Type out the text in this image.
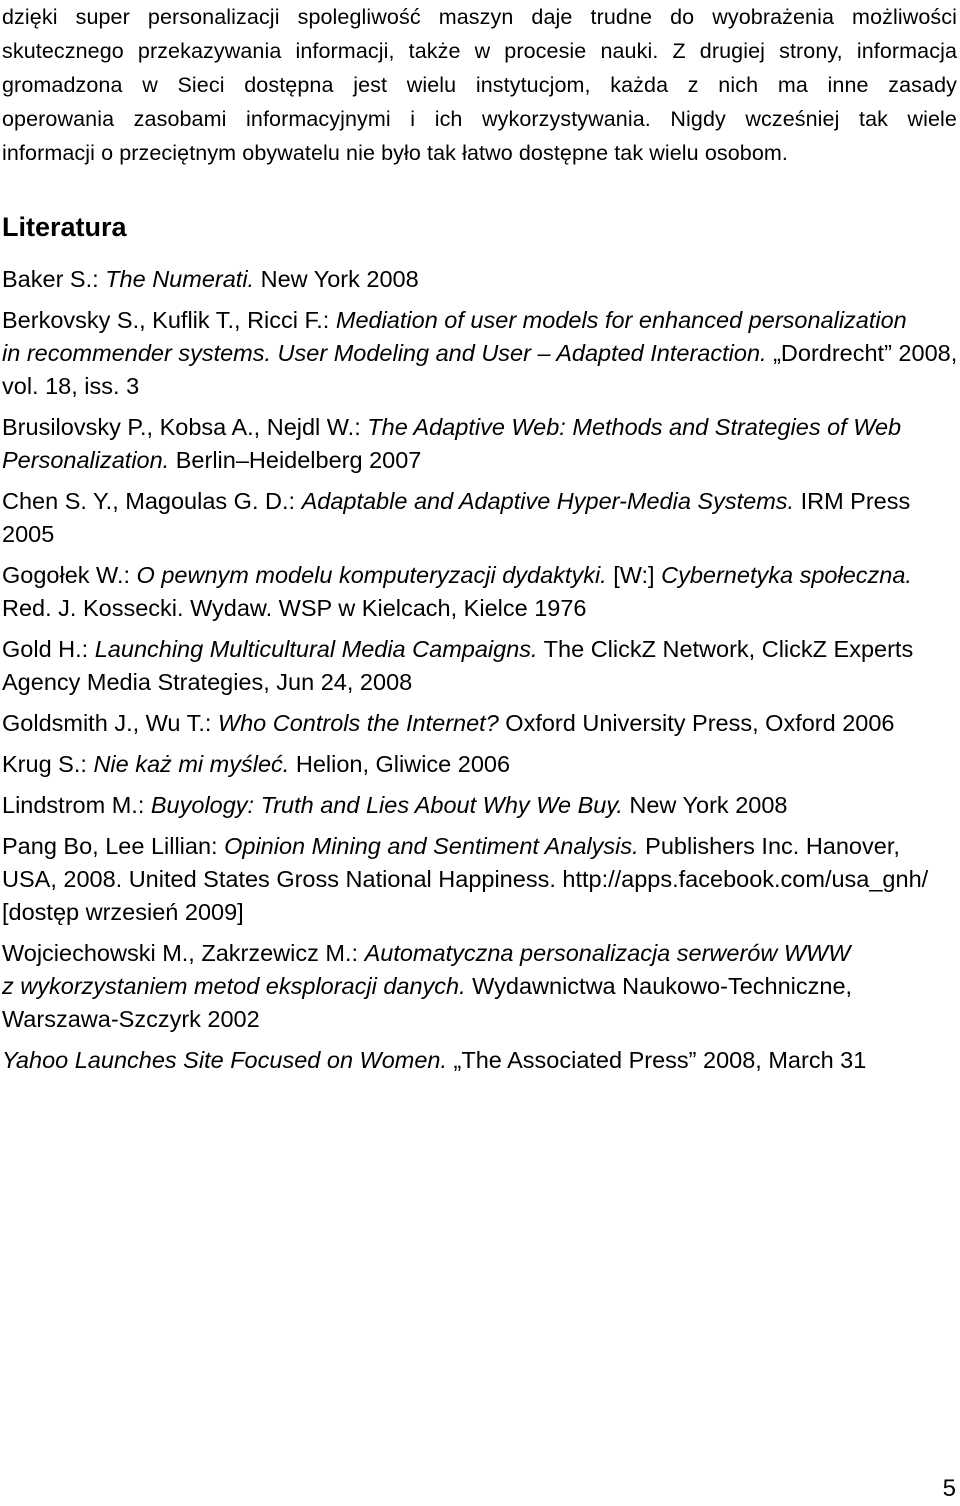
dzięki super personalizacji spolegliwość maszyn daje trudne do wyobrażenia możliwości
skutecznego przekazywania informacji, także w procesie nauki. Z drugiej strony, informacja
gromadzona w Sieci dostępna jest wielu instytucjom, każda z nich ma inne zasady
operowania zasobami informacyjnymi i ich wykorzystywania. Nigdy wcześniej tak wiele
informacji o przeciętnym obywatelu nie było tak łatwo dostępne tak wielu osobom.
Literatura
Baker S.: The Numerati. New York 2008
Berkovsky S., Kuflik T., Ricci F.: Mediation of user models for enhanced personalization
in recommender systems. User Modeling and User – Adapted Interaction. „Dordrecht” 2008,
vol. 18, iss. 3
Brusilovsky P., Kobsa A., Nejdl W.: The Adaptive Web: Methods and Strategies of Web
Personalization. Berlin–Heidelberg 2007
Chen S. Y., Magoulas G. D.: Adaptable and Adaptive Hyper-Media Systems. IRM Press
2005
Gogołek W.: O pewnym modelu komputeryzacji dydaktyki. [W:] Cybernetyka społeczna.
Red. J. Kossecki. Wydaw. WSP w Kielcach, Kielce 1976
Gold H.: Launching Multicultural Media Campaigns. The ClickZ Network, ClickZ Experts
Agency Media Strategies, Jun 24, 2008
Goldsmith J., Wu T.: Who Controls the Internet? Oxford University Press, Oxford 2006
Krug S.: Nie każ mi myśleć. Helion, Gliwice 2006
Lindstrom M.: Buyology: Truth and Lies About Why We Buy. New York 2008
Pang Bo, Lee Lillian: Opinion Mining and Sentiment Analysis. Publishers Inc. Hanover,
USA, 2008. United States Gross National Happiness. http://apps.facebook.com/usa_gnh/
[dostęp wrzesień 2009]
Wojciechowski M., Zakrzewicz M.: Automatyczna personalizacja serwerów WWW
z wykorzystaniem metod eksploracji danych. Wydawnictwa Naukowo-Techniczne,
Warszawa-Szczyrk 2002
Yahoo Launches Site Focused on Women. „The Associated Press” 2008, March 31
5
